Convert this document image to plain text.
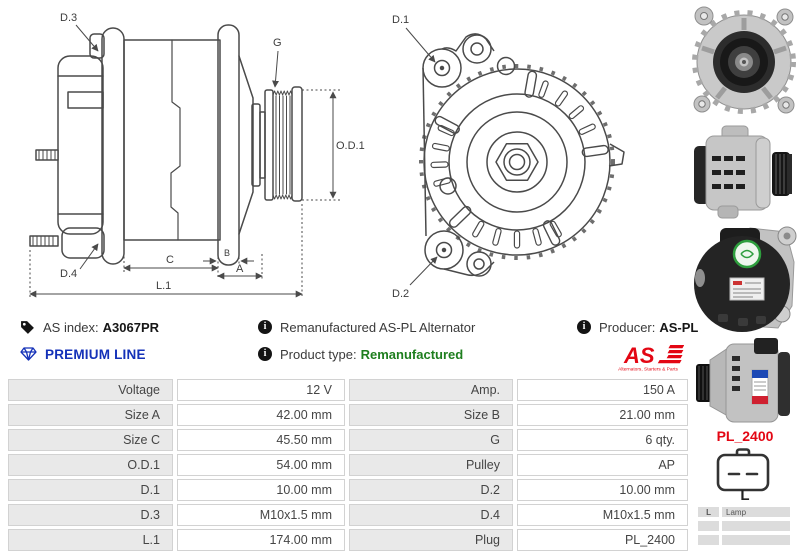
D.3
G
O.D.1
D.4
C
B
A
L.1
D.1
D.2
AS index: A3067PR
PREMIUM LINE
i	Remanufactured AS-PL Alternator
i	Product type: Remanufactured
i	Producer: AS-PL
AS
Alternators, Starters & Parts
Voltage	12 V	Amp.	150 A
Size A	42.00 mm	Size B	21.00 mm
Size C	45.50 mm	G	6 qty.
O.D.1	54.00 mm	Pulley	AP
D.1	10.00 mm	D.2	10.00 mm
D.3	M10x1.5 mm	D.4	M10x1.5 mm
L.1	174.00 mm	Plug	PL_2400
PL_2400
L
L	Lamp
